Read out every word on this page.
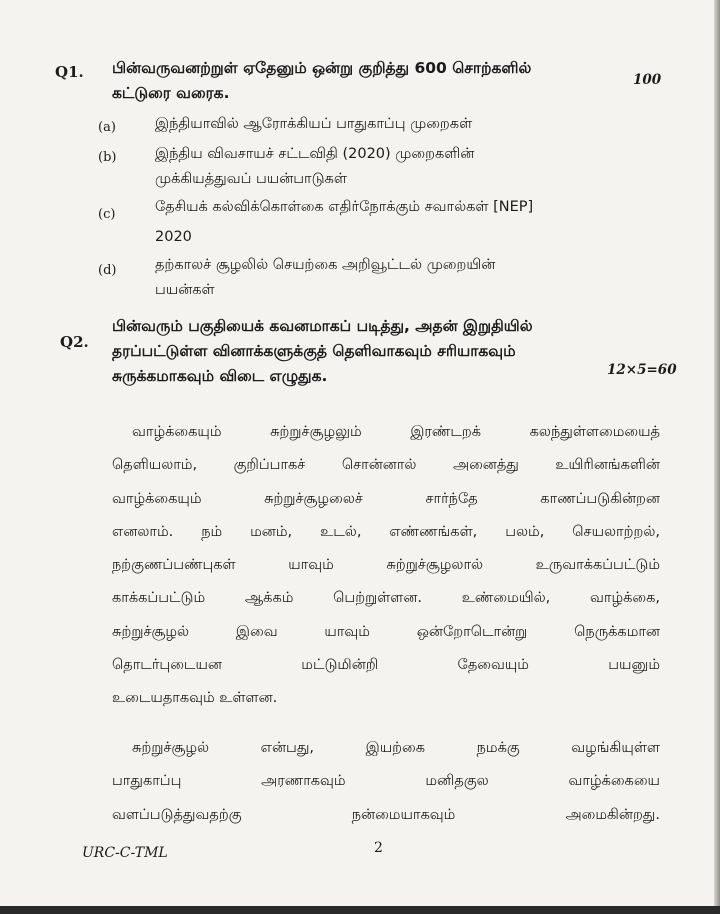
Q1. பின்வருவனற்றுள் ஏதேனும் ஒன்று குறித்து 600 சொற்களில்
கட்டுரை வரைக.
100
(a)	இந்தியாவில் ஆரோக்கியப் பாதுகாப்பு முறைகள்
(b)	இந்திய விவசாயச் சட்டவிதி (2020) முறைகளின்
முக்கியத்துவப் பயன்பாடுகள்
(c)	தேசியக் கல்விக்கொள்கை எதிர்நோக்கும் சவால்கள் [NEP]
2020
(d)	தற்காலச் சூழலில் செயற்கை அறிவூட்டல் முறையின்
பயன்கள்
Q2.
பின்வரும் பகுதியைக் கவனமாகப் படித்து, அதன் இறுதியில்
தரப்பட்டுள்ள வினாக்களுக்குத் தெளிவாகவும் சரியாகவும்
சுருக்கமாகவும் விடை எழுதுக.	12×5=60
வாழ்க்கையும் சுற்றுச்சூழலும் இரண்டறக் கலந்துள்ளமையைத்
தெளியலாம், குறிப்பாகச் சொன்னால் அனைத்து உயிரினங்களின்
வாழ்க்கையும் சுற்றுச்சூழலைச் சார்ந்தே காணப்படுகின்றன
எனலாம். நம் மனம், உடல், எண்ணங்கள், பலம், செயலாற்றல்,
நற்குணப்பண்புகள் யாவும் சுற்றுச்சூழலால் உருவாக்கப்பட்டும்
காக்கப்பட்டும் ஆக்கம் பெற்றுள்ளன. உண்மையில், வாழ்க்கை,
சுற்றுச்சூழல் இவை யாவும் ஒன்றோடொன்று நெருக்கமான
தொடர்புடையன மட்டுமின்றி தேவையும் பயனும்
உடையதாகவும் உள்ளன.
சுற்றுச்சூழல் என்பது, இயற்கை நமக்கு வழங்கியுள்ள
பாதுகாப்பு அரணாகவும் மனிதகுல வாழ்க்கையை
வளப்படுத்துவதற்கு நன்மையாகவும் அமைகின்றது.
2
URC-C-TML
